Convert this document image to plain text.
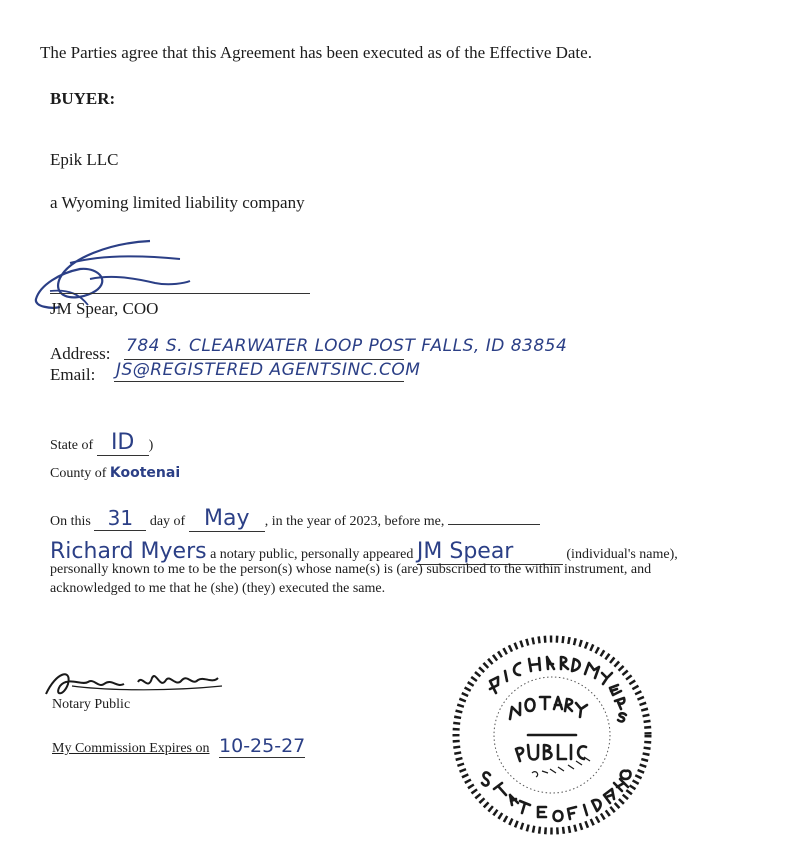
The Parties agree that this Agreement has been executed as of the Effective Date.
BUYER:
Epik LLC
a Wyoming limited liability company
JM Spear, COO
Address: 784 S. CLEARWATER LOOP POST FALLS, ID 83854
Email: JS@REGISTERED AGENTSINC.COM
State of ID )
County of Kootenai
On this 31 day of May , in the year of 2023, before me,
Richard Myers a notary public, personally appeared JM Spear	(individual's name),
personally known to me to be the person(s) whose name(s) is (are) subscribed to the within instrument, and
acknowledged to me that he (she) (they) executed the same.
Notary Public
My Commission Expires on 10-25-27
